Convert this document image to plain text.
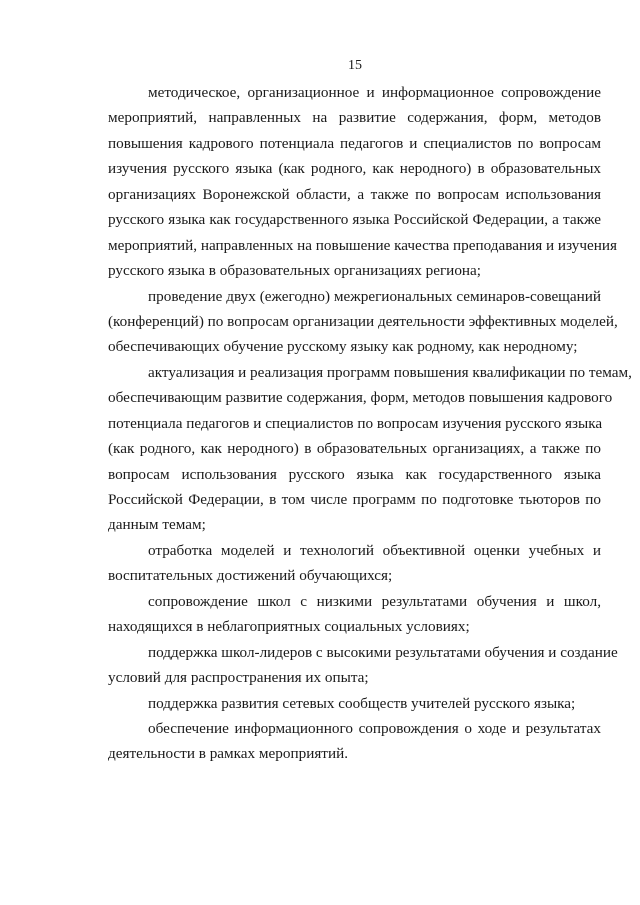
15
методическое, организационное и информационное сопровождение
мероприятий, направленных на развитие содержания, форм, методов
повышения кадрового потенциала педагогов и специалистов по вопросам
изучения русского языка (как родного, как неродного) в образовательных
организациях Воронежской области, а также по вопросам использования
русского языка как государственного языка Российской Федерации, а также
мероприятий, направленных на повышение качества преподавания и изучения
русского языка в образовательных организациях региона;
проведение двух (ежегодно) межрегиональных семинаров-совещаний
(конференций) по вопросам организации деятельности эффективных моделей,
обеспечивающих обучение русскому языку как родному, как неродному;
актуализация и реализация программ повышения квалификации по темам,
обеспечивающим развитие содержания, форм, методов повышения кадрового
потенциала педагогов и специалистов по вопросам изучения русского языка
(как родного, как неродного) в образовательных организациях, а также по
вопросам использования русского языка как государственного языка
Российской Федерации, в том числе программ по подготовке тьюторов по
данным темам;
отработка моделей и технологий объективной оценки учебных и
воспитательных достижений обучающихся;
сопровождение школ с низкими результатами обучения и школ,
находящихся в неблагоприятных социальных условиях;
поддержка школ-лидеров с высокими результатами обучения и создание
условий для распространения их опыта;
поддержка развития сетевых сообществ учителей русского языка;
обеспечение информационного сопровождения о ходе и результатах
деятельности в рамках мероприятий.
